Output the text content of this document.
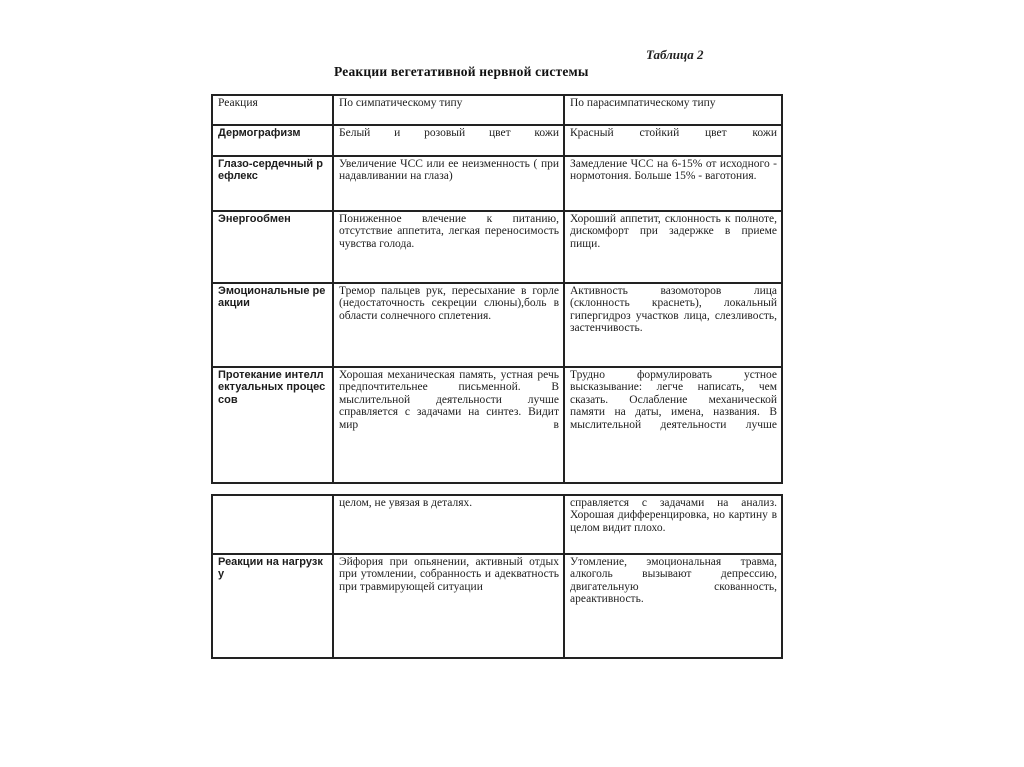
Таблица 2
Реакции вегетативной нервной системы
Реакция	По симпатическому типу	По парасимпатическому типу
Дермографизм	Белый и розовый цвет кожи	Красный стойкий цвет кожи
Глазо-сердечный рефлекс	Увеличение ЧСС или ее неизменность ( при надавливании на глаза)	Замедление ЧСС на 6-15% от исходного - нормотония. Больше 15% - ваготония.
Энергообмен	Пониженное влечение к питанию, отсутствие аппетита, легкая переносимость чувства голода.	Хороший аппетит, склонность к полноте, дискомфорт при задержке в приеме пищи.
Эмоциональные реакции	Тремор пальцев рук, пересыхание в горле (недостаточность секреции слюны),боль в области солнечного сплетения.	Активность вазомоторов лица (склонность краснеть), локальный гипергидроз участков лица, слезливость, застенчивость.
Протекание интеллектуальных процессов	Хорошая механическая память, устная речь предпочтительнее письменной. В мыслительной деятельности лучше справляется с задачами на синтез. Видит мир в	Трудно формулировать устное высказывание: легче написать, чем сказать. Ослабление механической памяти на даты, имена, названия. В мыслительной деятельности лучше
	целом, не увязая в деталях.	справляется с задачами на анализ. Хорошая дифференцировка, но картину в целом видит плохо.
Реакции на нагрузку	Эйфория при опьянении, активный отдых при утомлении, собранность и адекватность при травмирующей ситуации	Утомление, эмоциональная травма, алкоголь вызывают депрессию, двигательную скованность, ареактивность.
